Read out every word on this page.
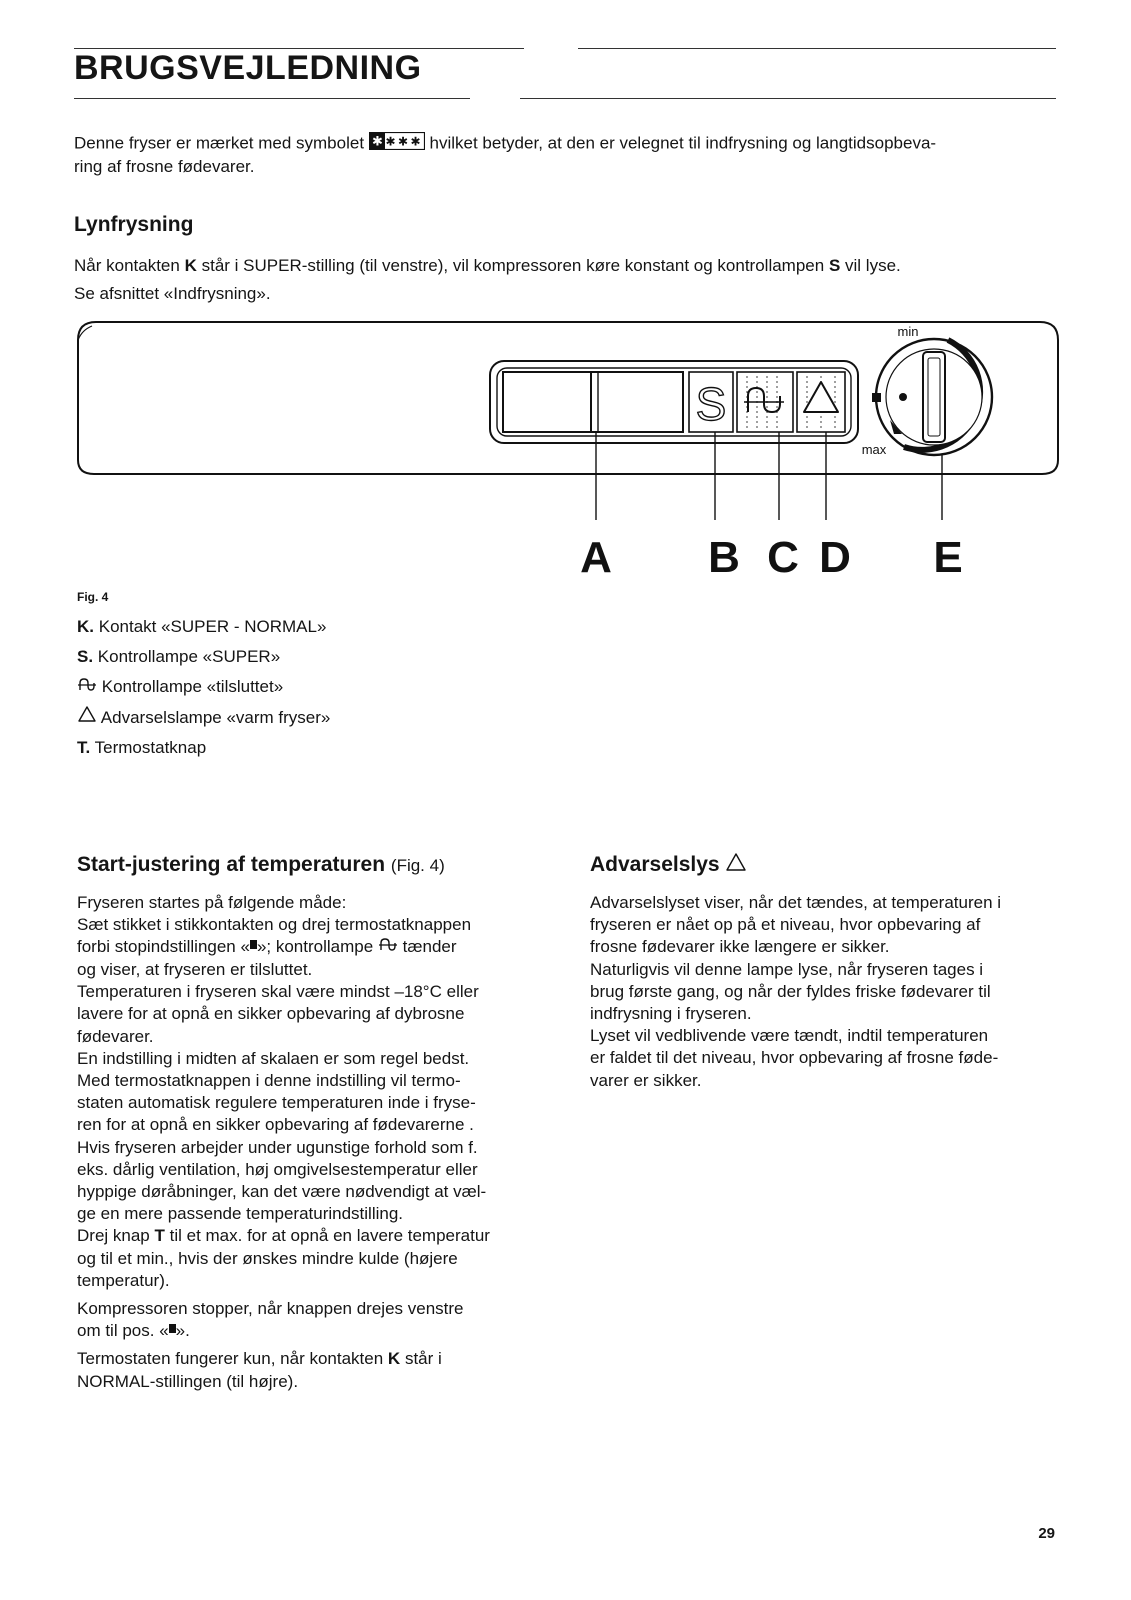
BRUGSVEJLEDNING
Denne fryser er mærket med symbolet ✱ ✱ ✱ ✱ hvilket betyder, at den er velegnet til indfrysning og langtidsopbeva-
ring af frosne fødevarer.
Lynfrysning
Når kontakten K står i SUPER-stilling (til venstre), vil kompressoren køre konstant og kontrollampen S vil lyse.
Se afsnittet «Indfrysning».
S
min
max
A B C D E
Fig. 4
K. Kontakt «SUPER - NORMAL»
S. Kontrollampe «SUPER»
Kontrollampe «tilsluttet»
Advarselslampe «varm fryser»
T. Termostatknap
Start-justering af temperaturen (Fig. 4)

Fryseren startes på følgende måde:

Sæt stikket i stikkontakten og drej termostatknappen

forbi stopindstillingen « »; kontrollampe tænder

og viser, at fryseren er tilsluttet.

Temperaturen i fryseren skal være mindst –18°C eller

lavere for at opnå en sikker opbevaring af dybrosne

fødevarer.

En indstilling i midten af skalaen er som regel bedst.

Med termostatknappen i denne indstilling vil termo-

staten automatisk regulere temperaturen inde i fryse-

ren for at opnå en sikker opbevaring af fødevarerne .

Hvis fryseren arbejder under ugunstige forhold som f.

eks. dårlig ventilation, høj omgivelsestemperatur eller

hyppige døråbninger, kan det være nødvendigt at væl-

ge en mere passende temperaturindstilling.

Drej knap T til et max. for at opnå en lavere temperatur

og til et min., hvis der ønskes mindre kulde (højere

temperatur).

Kompressoren stopper, når knappen drejes venstre

om til pos. « ».

Termostaten fungerer kun, når kontakten K står i

NORMAL-stillingen (til højre).

Advarselslys

Advarselslyset viser, når det tændes, at temperaturen i

fryseren er nået op på et niveau, hvor opbevaring af

frosne fødevarer ikke længere er sikker.

Naturligvis vil denne lampe lyse, når fryseren tages i

brug første gang, og når der fyldes friske fødevarer til

indfrysning i fryseren.

Lyset vil vedblivende være tændt, indtil temperaturen

er faldet til det niveau, hvor opbevaring af frosne føde-

varer er sikker.

29
